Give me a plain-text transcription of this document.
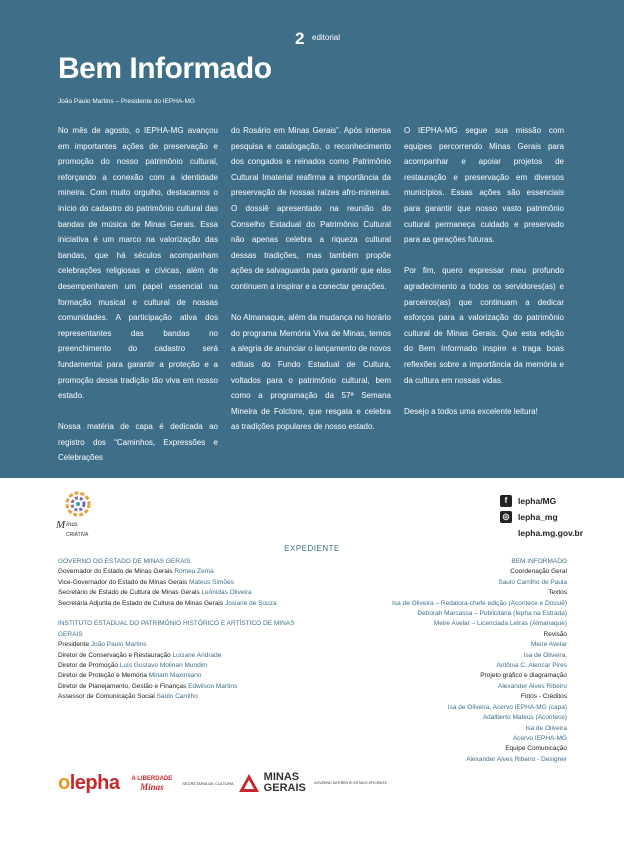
2 editorial
Bem Informado
João Paulo Martins – Presidente do IEPHA-MG

No mês de agosto, o IEPHA-MG avançou em importantes ações de preservação e promoção do nosso patrimônio cultural, reforçando a conexão com a identidade mineira. Com muito orgulho, destacamos o início do cadastro do patrimônio cultural das bandas de música de Minas Gerais. Essa iniciativa é um marco na valorização das bandas, que há séculos acompanham celebrações religiosas e cívicas, além de desempenharem um papel essencial na formação musical e cultural de nossas comunidades. A participação ativa dos representantes das bandas no preenchimento do cadastro será fundamental para garantir a proteção e a promoção dessa tradição tão viva em nosso estado.

Nossa matéria de capa é dedicada ao registro dos “Caminhos, Expressões e Celebrações

do Rosário em Minas Gerais”. Após intensa pesquisa e catalogação, o reconhecimento dos congados e reinados como Patrimônio Cultural Imaterial reafirma a importância da preservação de nossas raízes afro-mineiras. O dossiê apresentado na reunião do Conselho Estadual do Patrimônio Cultural não apenas celebra a riqueza cultural dessas tradições, mas também propõe ações de salvaguarda para garantir que elas continuem a inspirar e a conectar gerações.

No Almanaque, além da mudança no horário do programa Memória Viva de Minas, temos a alegria de anunciar o lançamento de novos editais do Fundo Estadual de Cultura, voltados para o patrimônio cultural, bem como a programação da 57ª Semana Mineira de Folclore, que resgata e celebra as tradições populares de nosso estado.

O IEPHA-MG segue sua missão com equipes percorrendo Minas Gerais para acompanhar e apoiar projetos de restauração e preservação em diversos municípios. Essas ações são essenciais para garantir que nosso vasto patrimônio cultural permaneça cuidado e preservado para as gerações futuras.

Por fim, quero expressar meu profundo agradecimento a todos os servidores(as) e parceiros(as) que continuam a dedicar esforços para a valorização do patrimônio cultural de Minas Gerais. Que esta edição do Bem Informado inspire e traga boas reflexões sobre a importância da memória e da cultura em nossas vidas.

Desejo a todos uma excelente leitura!

M inas
CRIATIVA
f	lepha/MG
◎ lepha_mg
lepha.mg.gov.br
EXPEDIENTE
GOVERNO DO ESTADO DE MINAS GERAIS
Governador do Estado de Minas Gerais Romeu Zema
Vice-Governador do Estado de Minas Gerais Mateus Simões
Secretário de Estado de Cultura de Minas Gerais Leônidas Oliveira
Secretária Adjunta de Estado de Cultura de Minas Gerais Josiane de Souza
INSTITUTO ESTADUAL DO PATRIMÔNIO HISTÓRICO E ARTÍSTICO DE MINAS GERAIS
Presidente João Paulo Martins
Diretor de Conservação e Restauração Luciane Andrade
Diretor de Promoção Luís Gustavo Molinari Mundim
Diretor de Proteção e Memória Miriam Maximiano
Diretor de Planejamento, Gestão e Finanças Edwilson Martins
Assessor de Comunicação Social Saulo Carrilho
BEM INFORMADO
Coordenação Geral
Saulo Carrilho de Paula
Textos
Isa de Oliveira – Redatora-chefe edição (Acontece e Dossiê)
Deborah Marcassa – Publicitária (Iepha na Estrada)
Meire Avelar – Licenciada Letras (Almanaque)
Revisão
Meire Avelar
Isa de Oliveira,
Antônia C. Alencar Pires
Projeto gráfico e diagramação
Alexander Alves Ribeiro
Fotos - Créditos
Isa de Oliveira, Acervo IEPHA-MG (capa)
Adalberto Mateus (Acontece)
Isa de Oliveira
Acervo IEPHA-MG
Equipe Comunicação
Alexander Alves Ribeiro - Designer
olepha A LIBERDADE
Minas	SECRETARIA DE CULTURA	MINAS
GERAIS GOVERNO DIFERENTE ESTADO EFICIENTE
